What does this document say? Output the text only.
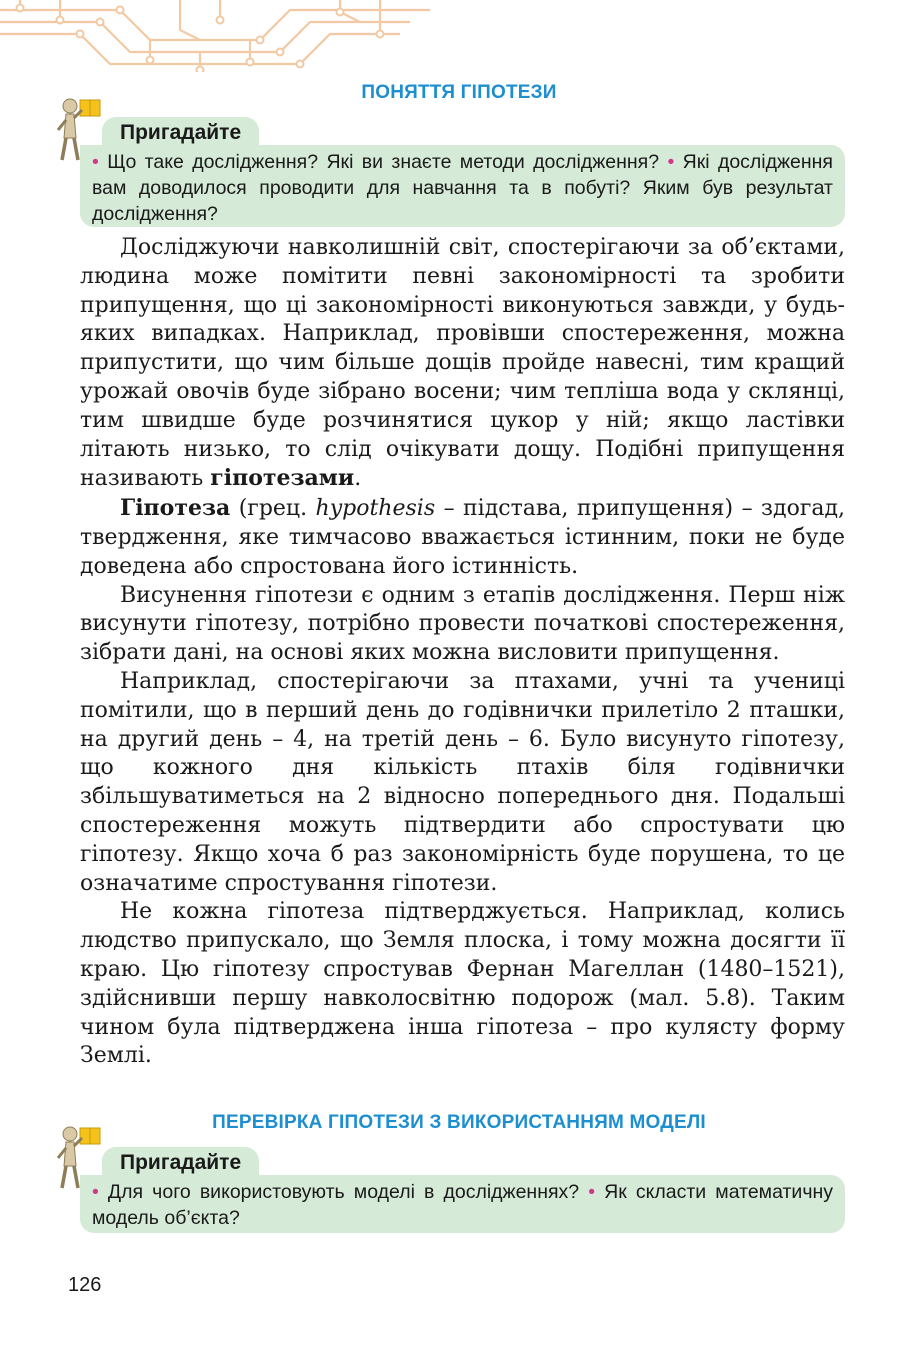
ПОНЯТТЯ ГІПОТЕЗИ
Пригадайте
• Що таке дослідження? Які ви знаєте методи дослідження? • Які дослідження вам доводилося проводити для навчання та в побуті? Яким був результат дослідження?

Досліджуючи навколишній світ, спостерігаючи за об’єктами, людина може помітити певні закономірності та зробити припущення, що ці закономірності виконуються завжди, у будь-яких випадках. Наприклад, провівши спостереження, можна припустити, що чим більше дощів пройде навесні, тим кращий урожай овочів буде зібрано восени; чим тепліша вода у склянці, тим швидше буде розчинятися цукор у ній; якщо ластівки літають низько, то слід очікувати дощу. Подібні припущення називають гіпотезами.

Гіпотеза (грец. hypothesis – підстава, припущення) – здогад, твердження, яке тимчасово вважається істинним, поки не буде доведена або спростована його істинність.

Висунення гіпотези є одним з етапів дослідження. Перш ніж висунути гіпотезу, потрібно провести початкові спостереження, зібрати дані, на основі яких можна висловити припущення.

Наприклад, спостерігаючи за птахами, учні та учениці помітили, що в перший день до годівнички прилетіло 2 пташки, на другий день – 4, на третій день – 6. Було висунуто гіпотезу, що кожного дня кількість птахів біля годівнички збільшуватиметься на 2 відносно попереднього дня. Подальші спостереження можуть підтвердити або спростувати цю гіпотезу. Якщо хоча б раз закономірність буде порушена, то це означатиме спростування гіпотези.

Не кожна гіпотеза підтверджується. Наприклад, колись людство припускало, що Земля плоска, і тому можна досягти її краю. Цю гіпотезу спростував Фернан Магеллан (1480–1521), здійснивши першу навколосвітню подорож (мал. 5.8). Таким чином була підтверджена інша гіпотеза – про кулясту форму Землі.

ПЕРЕВІРКА ГІПОТЕЗИ З ВИКОРИСТАННЯМ МОДЕЛІ
Пригадайте
• Для чого використовують моделі в дослідженнях? • Як скласти математичну модель об’єкта?
126
